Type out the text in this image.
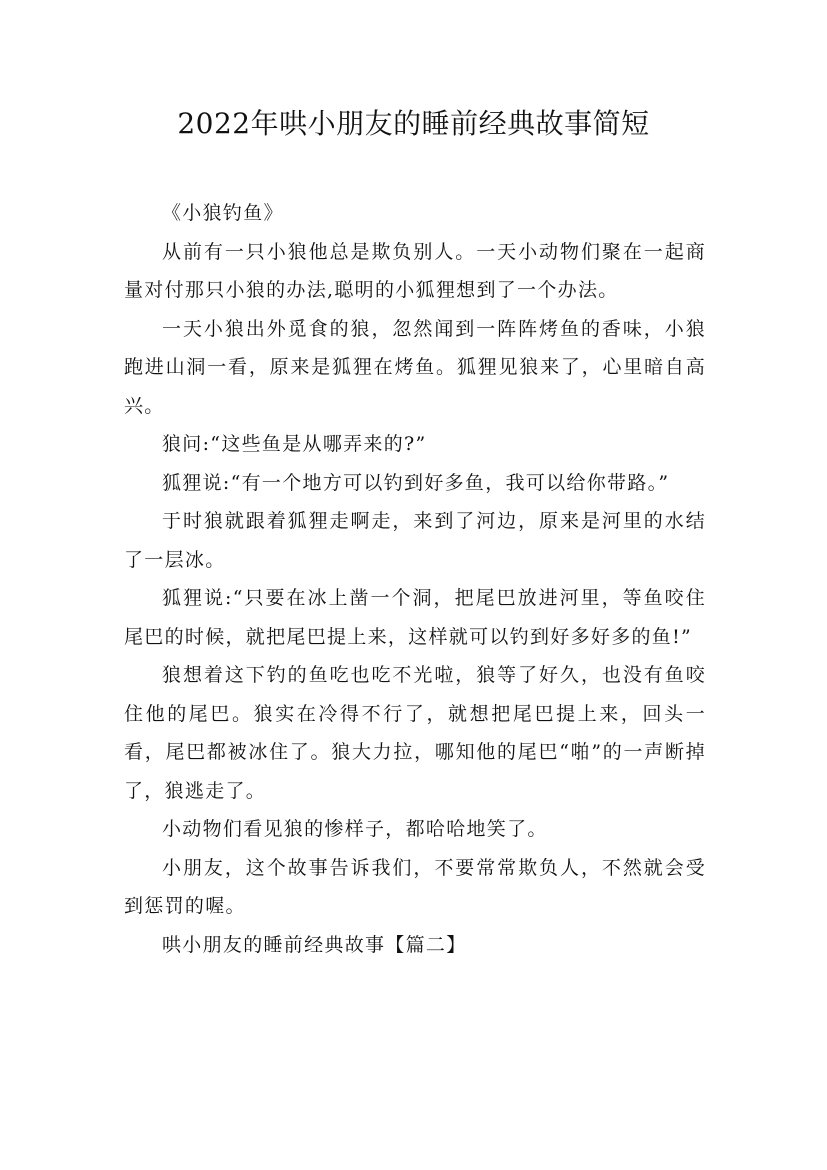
2022年哄小朋友的睡前经典故事简短

《小狼钓鱼》

从前有一只小狼他总是欺负别人。一天小动物们聚在一起商量对付那只小狼的办法,聪明的小狐狸想到了一个办法。

一天小狼出外觅食的狼，忽然闻到一阵阵烤鱼的香味，小狼跑进山洞一看，原来是狐狸在烤鱼。狐狸见狼来了，心里暗自高兴。

狼问:“这些鱼是从哪弄来的?”

狐狸说:“有一个地方可以钓到好多鱼，我可以给你带路。”

于时狼就跟着狐狸走啊走，来到了河边，原来是河里的水结了一层冰。

狐狸说:“只要在冰上凿一个洞，把尾巴放进河里，等鱼咬住尾巴的时候，就把尾巴提上来，这样就可以钓到好多好多的鱼!”

狼想着这下钓的鱼吃也吃不光啦，狼等了好久，也没有鱼咬住他的尾巴。狼实在冷得不行了，就想把尾巴提上来，回头一看，尾巴都被冰住了。狼大力拉，哪知他的尾巴“啪”的一声断掉了，狼逃走了。

小动物们看见狼的惨样子，都哈哈地笑了。

小朋友，这个故事告诉我们，不要常常欺负人，不然就会受到惩罚的喔。

哄小朋友的睡前经典故事【篇二】
